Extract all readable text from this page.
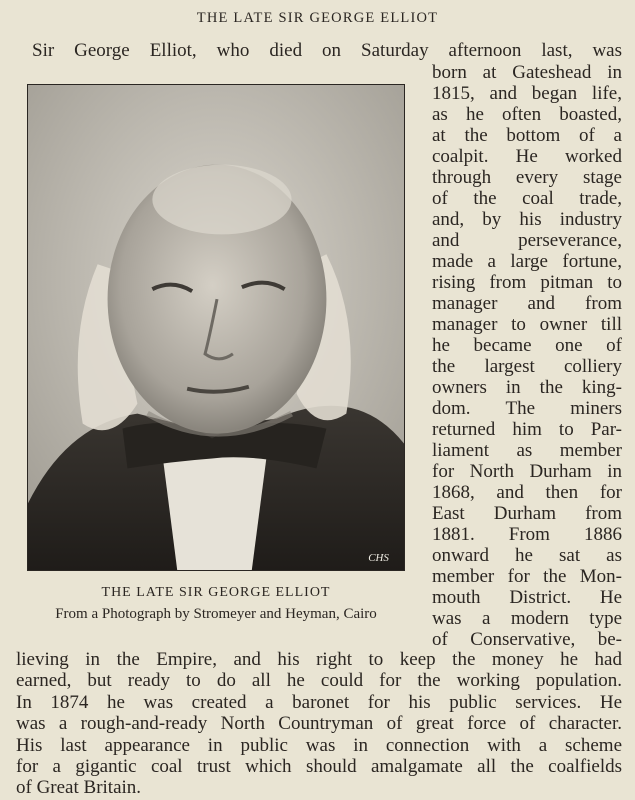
THE LATE SIR GEORGE ELLIOT
Sir George Elliot, who died on Saturday afternoon last, was
CHS
THE LATE SIR GEORGE ELLIOT
From a Photograph by Stromeyer and Heyman, Cairo
born at Gateshead in
1815, and began life,
as he often boasted,
at the bottom of a
coalpit. He worked
through every stage
of the coal trade,
and, by his industry
and perseverance,
made a large fortune,
rising from pitman to
manager and from
manager to owner till
he became one of
the largest colliery
owners in the king-
dom. The miners
returned him to Par-
liament as member
for North Durham in
1868, and then for
East Durham from
1881. From 1886
onward he sat as
member for the Mon-
mouth District. He
was a modern type
of Conservative, be-
lieving in the Empire, and his right to keep the money he had
earned, but ready to do all he could for the working population.
In 1874 he was created a baronet for his public services. He
was a rough-and-ready North Countryman of great force of character.
His last appearance in public was in connection with a scheme
for a gigantic coal trust which should amalgamate all the coalfields
of Great Britain.
